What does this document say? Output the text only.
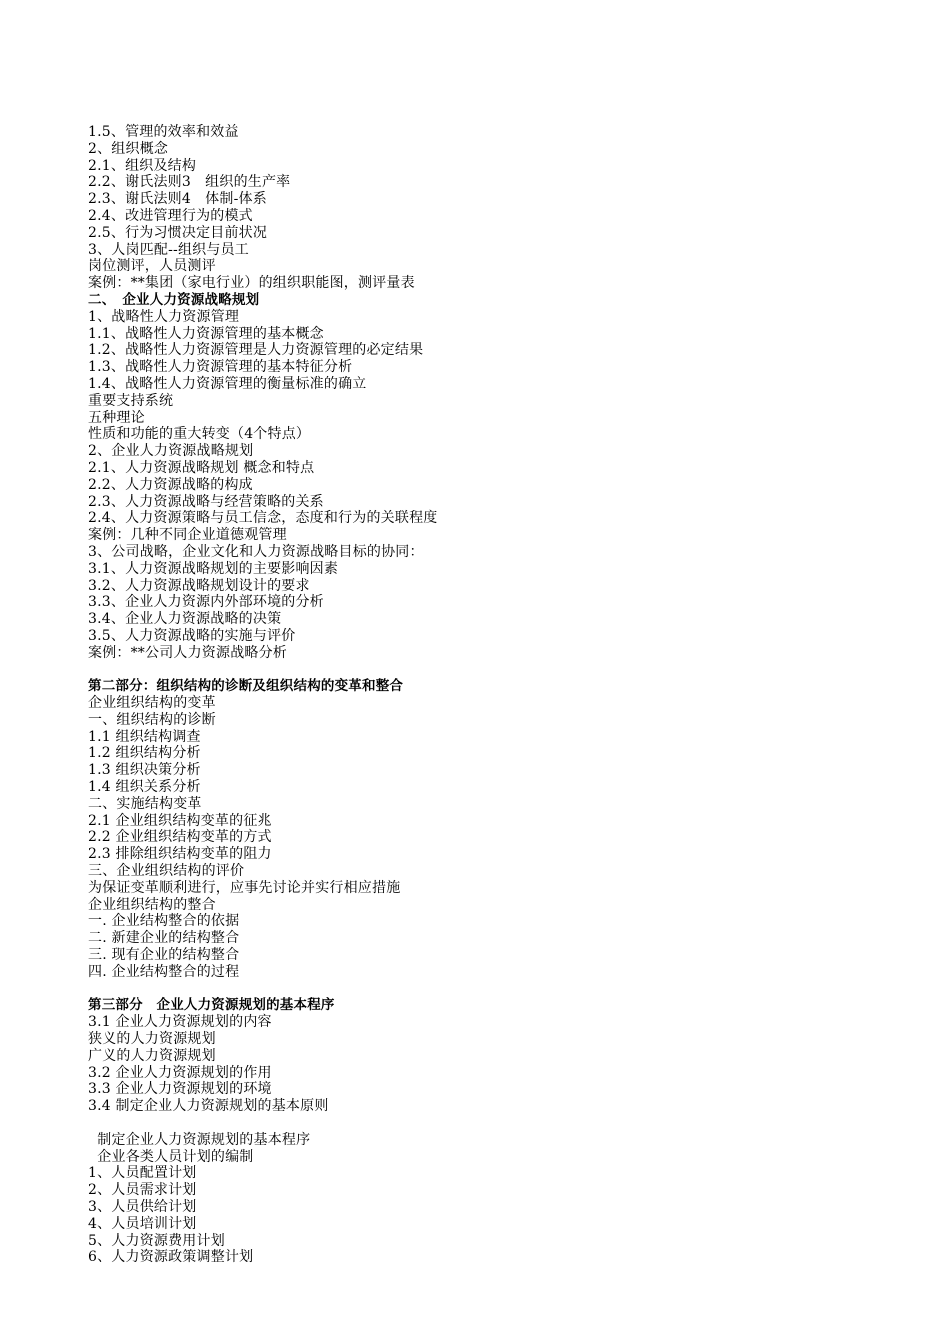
1.5、管理的效率和效益
2、组织概念
2.1、组织及结构
2.2、谢氏法则3　组织的生产率
2.3、谢氏法则4　体制-体系
2.4、改进管理行为的模式
2.5、行为习惯决定目前状况
3、人岗匹配--组织与员工
岗位测评，人员测评
案例：**集团（家电行业）的组织职能图，测评量表
二、　企业人力资源战略规划
1、战略性人力资源管理
1.1、战略性人力资源管理的基本概念
1.2、战略性人力资源管理是人力资源管理的必定结果
1.3、战略性人力资源管理的基本特征分析
1.4、战略性人力资源管理的衡量标准的确立
重要支持系统
五种理论
性质和功能的重大转变（4个特点）
2、企业人力资源战略规划
2.1、人力资源战略规划 概念和特点
2.2、人力资源战略的构成
2.3、人力资源战略与经营策略的关系
2.4、人力资源策略与员工信念，态度和行为的关联程度
案例：几种不同企业道德观管理
3、公司战略，企业文化和人力资源战略目标的协同：
3.1、人力资源战略规划的主要影响因素
3.2、人力资源战略规划设计的要求
3.3、企业人力资源内外部环境的分析
3.4、企业人力资源战略的决策
3.5、人力资源战略的实施与评价
案例：**公司人力资源战略分析
第二部分：组织结构的诊断及组织结构的变革和整合
企业组织结构的变革
一、组织结构的诊断
1.1 组织结构调查
1.2 组织结构分析
1.3 组织决策分析
1.4 组织关系分析
二、实施结构变革
2.1 企业组织结构变革的征兆
2.2 企业组织结构变革的方式
2.3 排除组织结构变革的阻力
三、企业组织结构的评价
为保证变革顺利进行，应事先讨论并实行相应措施
企业组织结构的整合
一. 企业结构整合的依据
二. 新建企业的结构整合
三. 现有企业的结构整合
四. 企业结构整合的过程
第三部分　企业人力资源规划的基本程序
3.1 企业人力资源规划的内容
狭义的人力资源规划
广义的人力资源规划
3.2 企业人力资源规划的作用
3.3 企业人力资源规划的环境
3.4 制定企业人力资源规划的基本原则
制定企业人力资源规划的基本程序
企业各类人员计划的编制
1、人员配置计划
2、人员需求计划
3、人员供给计划
4、人员培训计划
5、人力资源费用计划
6、人力资源政策调整计划
